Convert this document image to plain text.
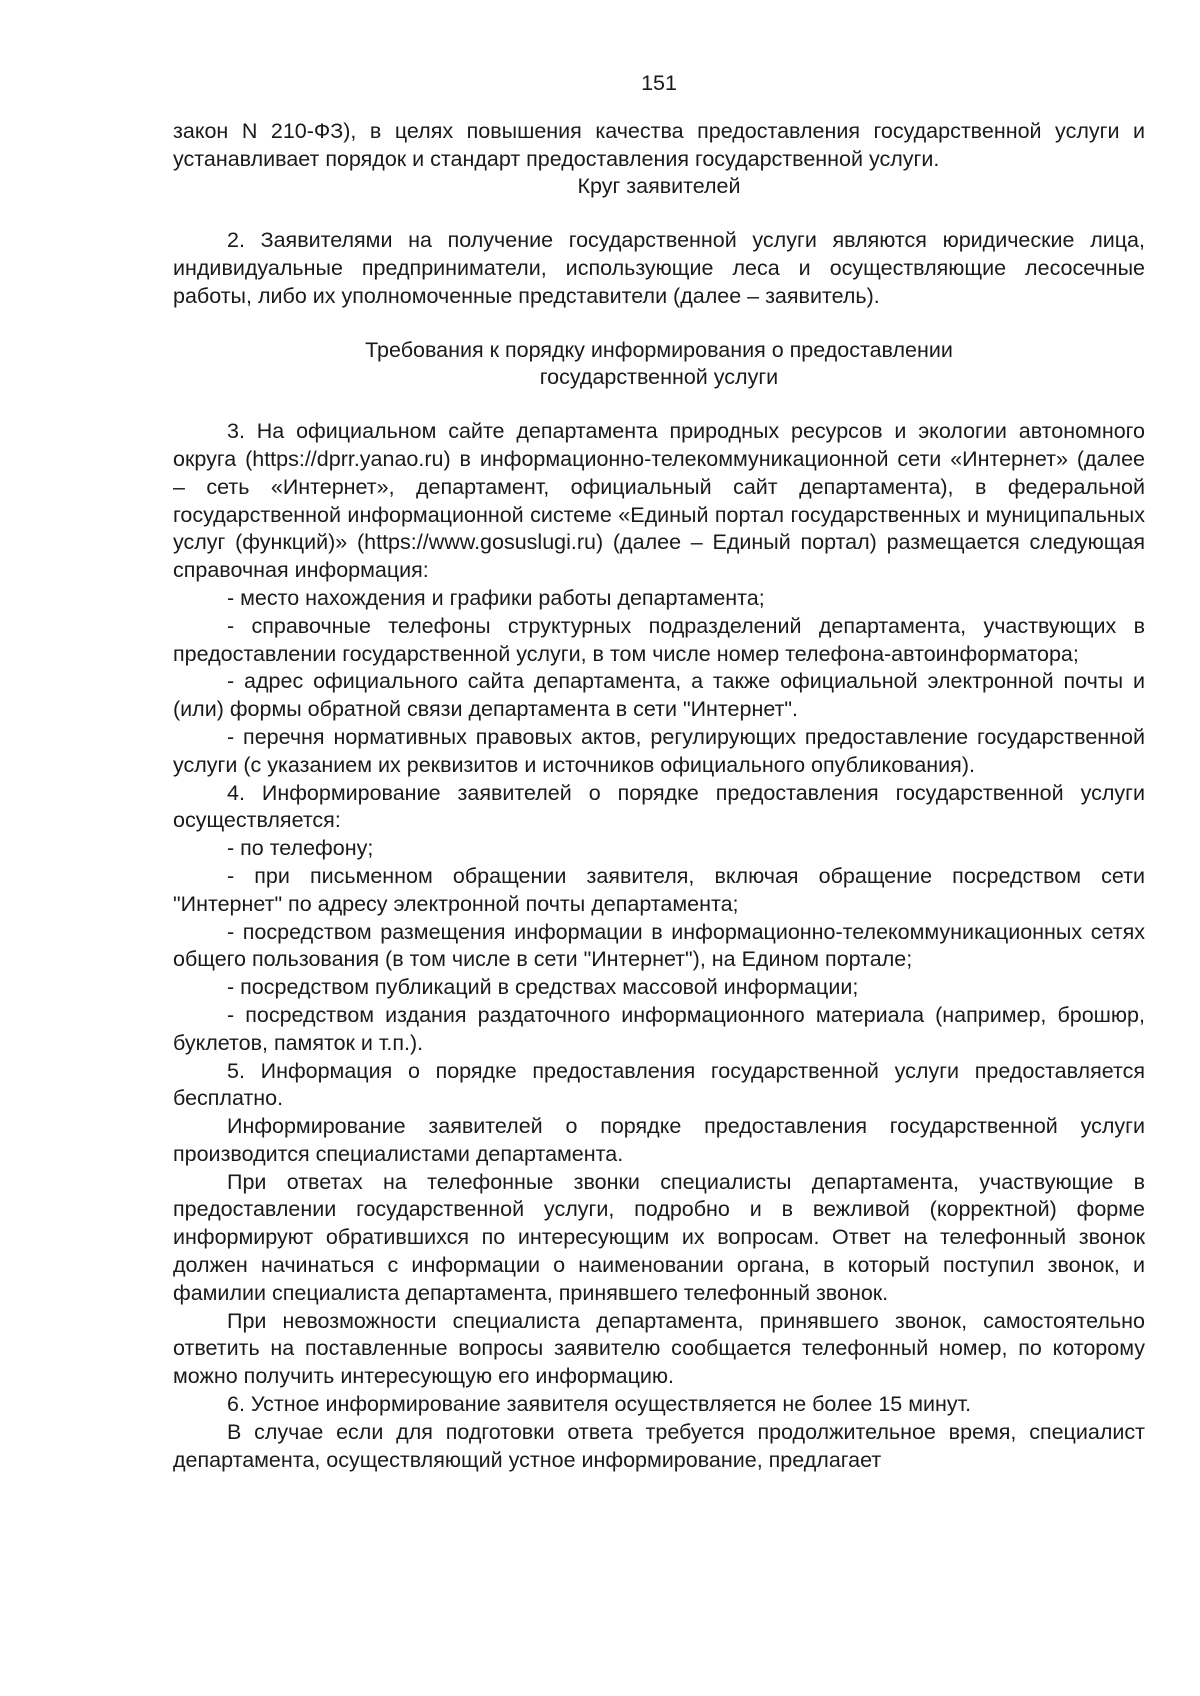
151

закон N 210-ФЗ), в целях повышения качества предоставления государственной услуги и устанавливает порядок и стандарт предоставления государственной услуги.

Круг заявителей

2. Заявителями на получение государственной услуги являются юридические лица, индивидуальные предприниматели, использующие леса и осуществляющие лесосечные работы, либо их уполномоченные представители (далее – заявитель).

Требования к порядку информирования о предоставлении
государственной услуги

3. На официальном сайте департамента природных ресурсов и экологии автономного округа (https://dprr.yanao.ru) в информационно-телекоммуникационной сети «Интернет» (далее – сеть «Интернет», департамент, официальный сайт департамента), в федеральной государственной информационной системе «Единый портал государственных и муниципальных услуг (функций)» (https://www.gosuslugi.ru) (далее – Единый портал) размещается следующая справочная информация:

- место нахождения и графики работы департамента;

- справочные телефоны структурных подразделений департамента, участвующих в предоставлении государственной услуги, в том числе номер телефона-автоинформатора;

- адрес официального сайта департамента, а также официальной электронной почты и (или) формы обратной связи департамента в сети "Интернет".

- перечня нормативных правовых актов, регулирующих предоставление государственной услуги (с указанием их реквизитов и источников официального опубликования).

4. Информирование заявителей о порядке предоставления государственной услуги осуществляется:

- по телефону;

- при письменном обращении заявителя, включая обращение посредством сети "Интернет" по адресу электронной почты департамента;

- посредством размещения информации в информационно-телекоммуникационных сетях общего пользования (в том числе в сети "Интернет"), на Едином портале;

- посредством публикаций в средствах массовой информации;

- посредством издания раздаточного информационного материала (например, брошюр, буклетов, памяток и т.п.).

5. Информация о порядке предоставления государственной услуги предоставляется бесплатно.

Информирование заявителей о порядке предоставления государственной услуги производится специалистами департамента.

При ответах на телефонные звонки специалисты департамента, участвующие в предоставлении государственной услуги, подробно и в вежливой (корректной) форме информируют обратившихся по интересующим их вопросам. Ответ на телефонный звонок должен начинаться с информации о наименовании органа, в который поступил звонок, и фамилии специалиста департамента, принявшего телефонный звонок.

При невозможности специалиста департамента, принявшего звонок, самостоятельно ответить на поставленные вопросы заявителю сообщается телефонный номер, по которому можно получить интересующую его информацию.

6. Устное информирование заявителя осуществляется не более 15 минут.

В случае если для подготовки ответа требуется продолжительное время, специалист департамента, осуществляющий устное информирование, предлагает
